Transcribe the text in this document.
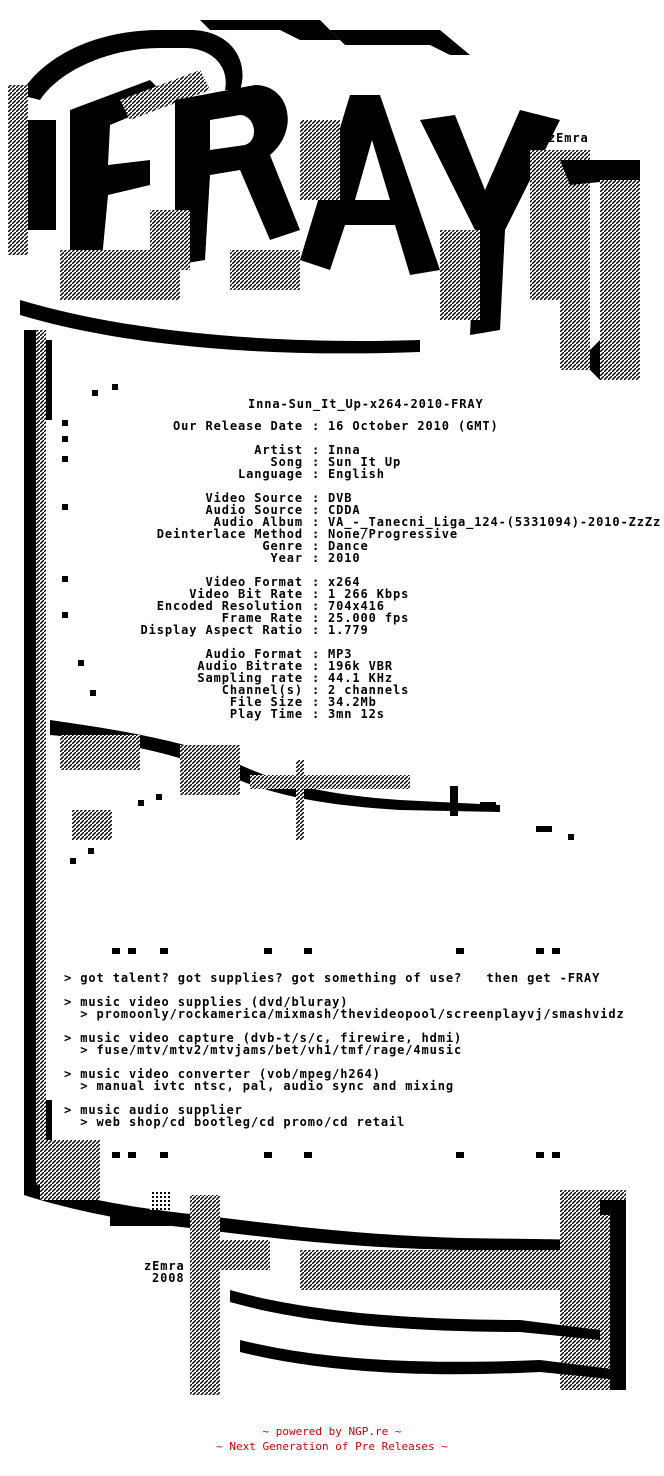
zEmra
zEmra
2008
Inna-Sun_It_Up-x264-2010-FRAY
Our Release Date : 16 October 2010 (GMT)
Artist : Inna
Song : Sun It Up
Language : English
Video Source : DVB
Audio Source : CDDA
Audio Album : VA_-_Tanecni_Liga_124-(5331094)-2010-ZzZz
Deinterlace Method : None/Progressive
Genre : Dance
Year : 2010
Video Format : x264
Video Bit Rate : 1 266 Kbps
Encoded Resolution : 704x416
Frame Rate : 25.000 fps
Display Aspect Ratio : 1.779
Audio Format : MP3
Audio Bitrate : 196k VBR
Sampling rate : 44.1 KHz
Channel(s) : 2 channels
File Size : 34.2Mb
Play Time : 3mn 12s
> got talent? got supplies? got something of use?   then get -FRAY
> music video supplies (dvd/bluray)
> promoonly/rockamerica/mixmash/thevideopool/screenplayvj/smashvidz
> music video capture (dvb-t/s/c, firewire, hdmi)
> fuse/mtv/mtv2/mtvjams/bet/vh1/tmf/rage/4music
> music video converter (vob/mpeg/h264)
> manual ivtc ntsc, pal, audio sync and mixing
> music audio supplier
> web shop/cd bootleg/cd promo/cd retail
~ powered by NGP.re ~
~ Next Generation of Pre Releases ~
